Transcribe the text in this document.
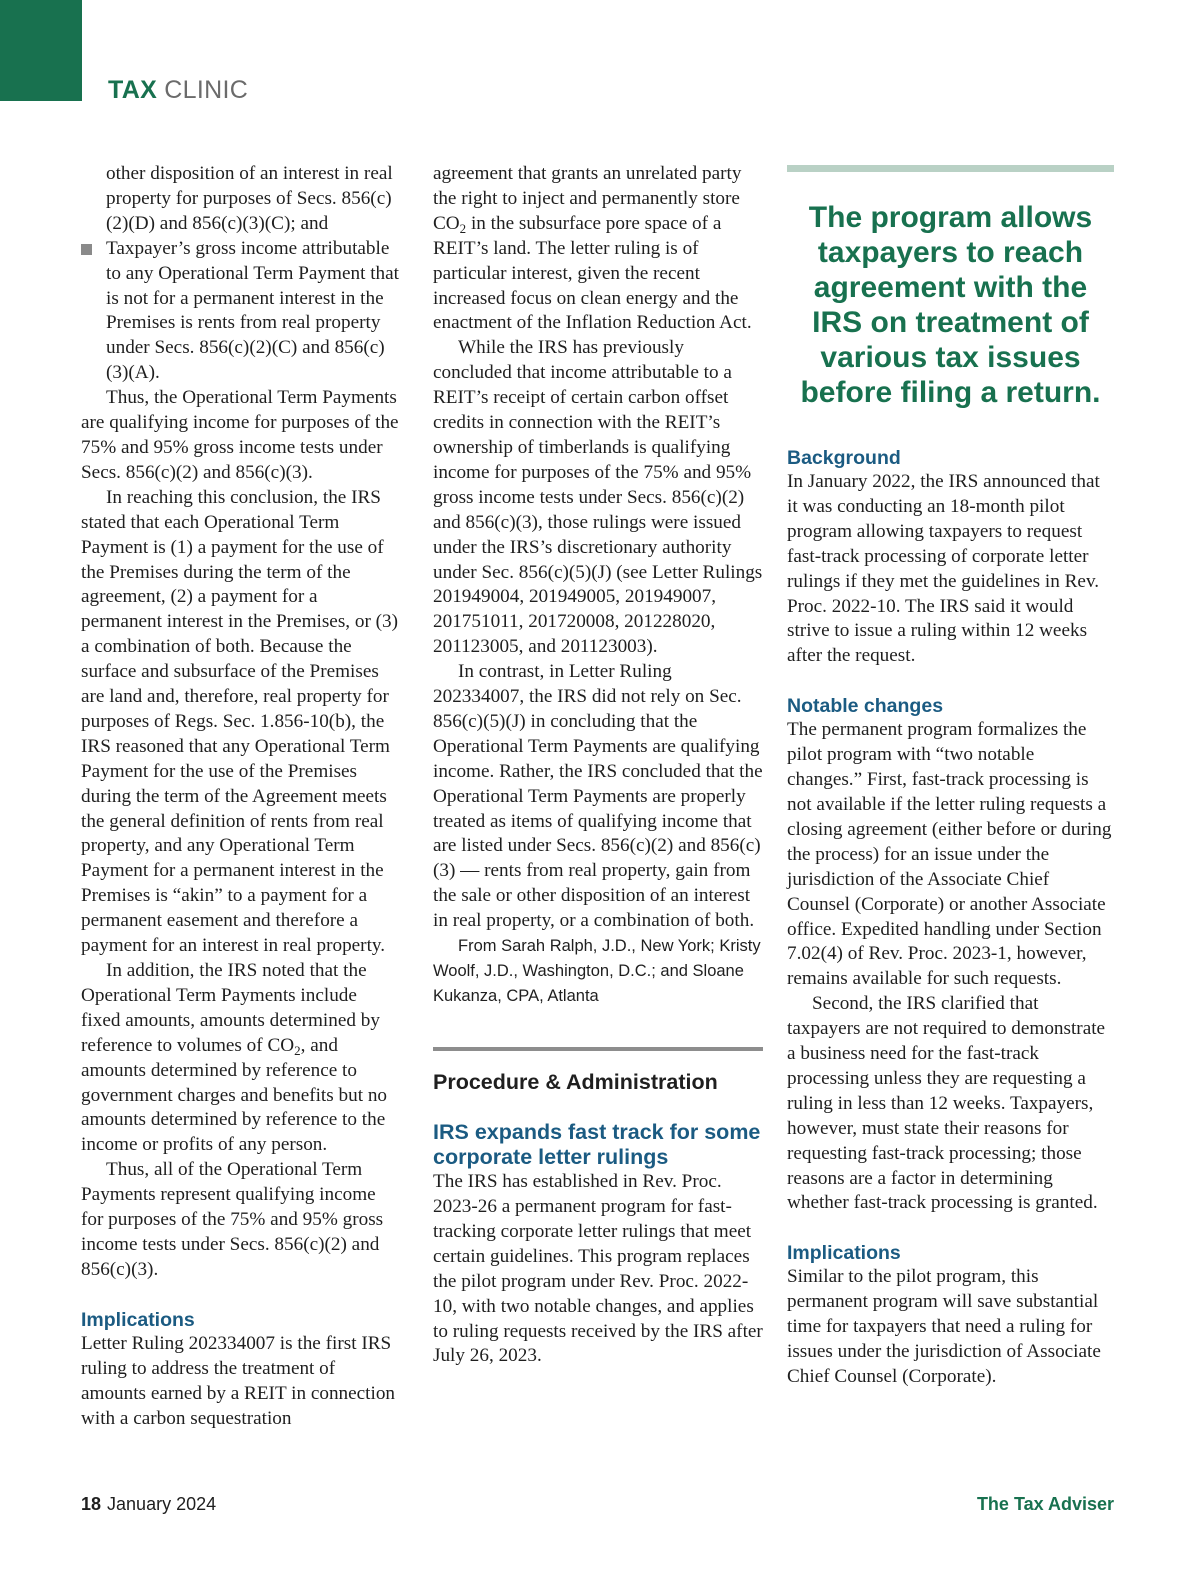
TAX CLINIC

other disposition of an interest in real property for purposes of Secs. 856(c)(2)(D) and 856(c)(3)(C); and

Taxpayer’s gross income attributable to any Operational Term Payment that is not for a permanent interest in the Premises is rents from real property under Secs. 856(c)(2)(C) and 856(c)(3)(A).

Thus, the Operational Term Payments are qualifying income for purposes of the 75% and 95% gross income tests under Secs. 856(c)(2) and 856(c)(3).

In reaching this conclusion, the IRS stated that each Operational Term Payment is (1) a payment for the use of the Premises during the term of the agreement, (2) a payment for a permanent interest in the Premises, or (3) a combination of both. Because the surface and subsurface of the Premises are land and, therefore, real property for purposes of Regs. Sec. 1.856-10(b), the IRS reasoned that any Operational Term Payment for the use of the Premises during the term of the Agreement meets the general definition of rents from real property, and any Operational Term Payment for a permanent interest in the Premises is “akin” to a payment for a permanent easement and therefore a payment for an interest in real property.

In addition, the IRS noted that the Operational Term Payments include fixed amounts, amounts determined by reference to volumes of $CO_2$, and amounts determined by reference to government charges and benefits but no amounts determined by reference to the income or profits of any person.

Thus, all of the Operational Term Payments represent qualifying income for purposes of the 75% and 95% gross income tests under Secs. 856(c)(2) and 856(c)(3).

Implications

Letter Ruling 202334007 is the first IRS ruling to address the treatment of amounts earned by a REIT in connection with a carbon sequestration

agreement that grants an unrelated party the right to inject and permanently store $CO_2$ in the subsurface pore space of a REIT’s land. The letter ruling is of particular interest, given the recent increased focus on clean energy and the enactment of the Inflation Reduction Act.

While the IRS has previously concluded that income attributable to a REIT’s receipt of certain carbon offset credits in connection with the REIT’s ownership of timberlands is qualifying income for purposes of the 75% and 95% gross income tests under Secs. 856(c)(2) and 856(c)(3), those rulings were issued under the IRS’s discretionary authority under Sec. 856(c)(5)(J) (see Letter Rulings 201949004, 201949005, 201949007, 201751011, 201720008, 201228020, 201123005, and 201123003).

In contrast, in Letter Ruling 202334007, the IRS did not rely on Sec. 856(c)(5)(J) in concluding that the Operational Term Payments are qualifying income. Rather, the IRS concluded that the Operational Term Payments are properly treated as items of qualifying income that are listed under Secs. 856(c)(2) and 856(c)(3) — rents from real property, gain from the sale or other disposition of an interest in real property, or a combination of both.

From Sarah Ralph, J.D., New York; Kristy Woolf, J.D., Washington, D.C.; and Sloane Kukanza, CPA, Atlanta

Procedure & Administration
IRS expands fast track for some corporate letter rulings

The IRS has established in Rev. Proc. 2023-26 a permanent program for fast-tracking corporate letter rulings that meet certain guidelines. This program replaces the pilot program under Rev. Proc. 2022-10, with two notable changes, and applies to ruling requests received by the IRS after July 26, 2023.

The program allows taxpayers to reach agreement with the IRS on treatment of various tax issues before filing a return.

Background

In January 2022, the IRS announced that it was conducting an 18-month pilot program allowing taxpayers to request fast-track processing of corporate letter rulings if they met the guidelines in Rev. Proc. 2022-10. The IRS said it would strive to issue a ruling within 12 weeks after the request.

Notable changes

The permanent program formalizes the pilot program with “two notable changes.” First, fast-track processing is not available if the letter ruling requests a closing agreement (either before or during the process) for an issue under the jurisdiction of the Associate Chief Counsel (Corporate) or another Associate office. Expedited handling under Section 7.02(4) of Rev. Proc. 2023-1, however, remains available for such requests.

Second, the IRS clarified that taxpayers are not required to demonstrate a business need for the fast-track processing unless they are requesting a ruling in less than 12 weeks. Taxpayers, however, must state their reasons for requesting fast-track processing; those reasons are a factor in determining whether fast-track processing is granted.

Implications

Similar to the pilot program, this permanent program will save substantial time for taxpayers that need a ruling for issues under the jurisdiction of Associate Chief Counsel (Corporate).

18 January 2024	The Tax Adviser
